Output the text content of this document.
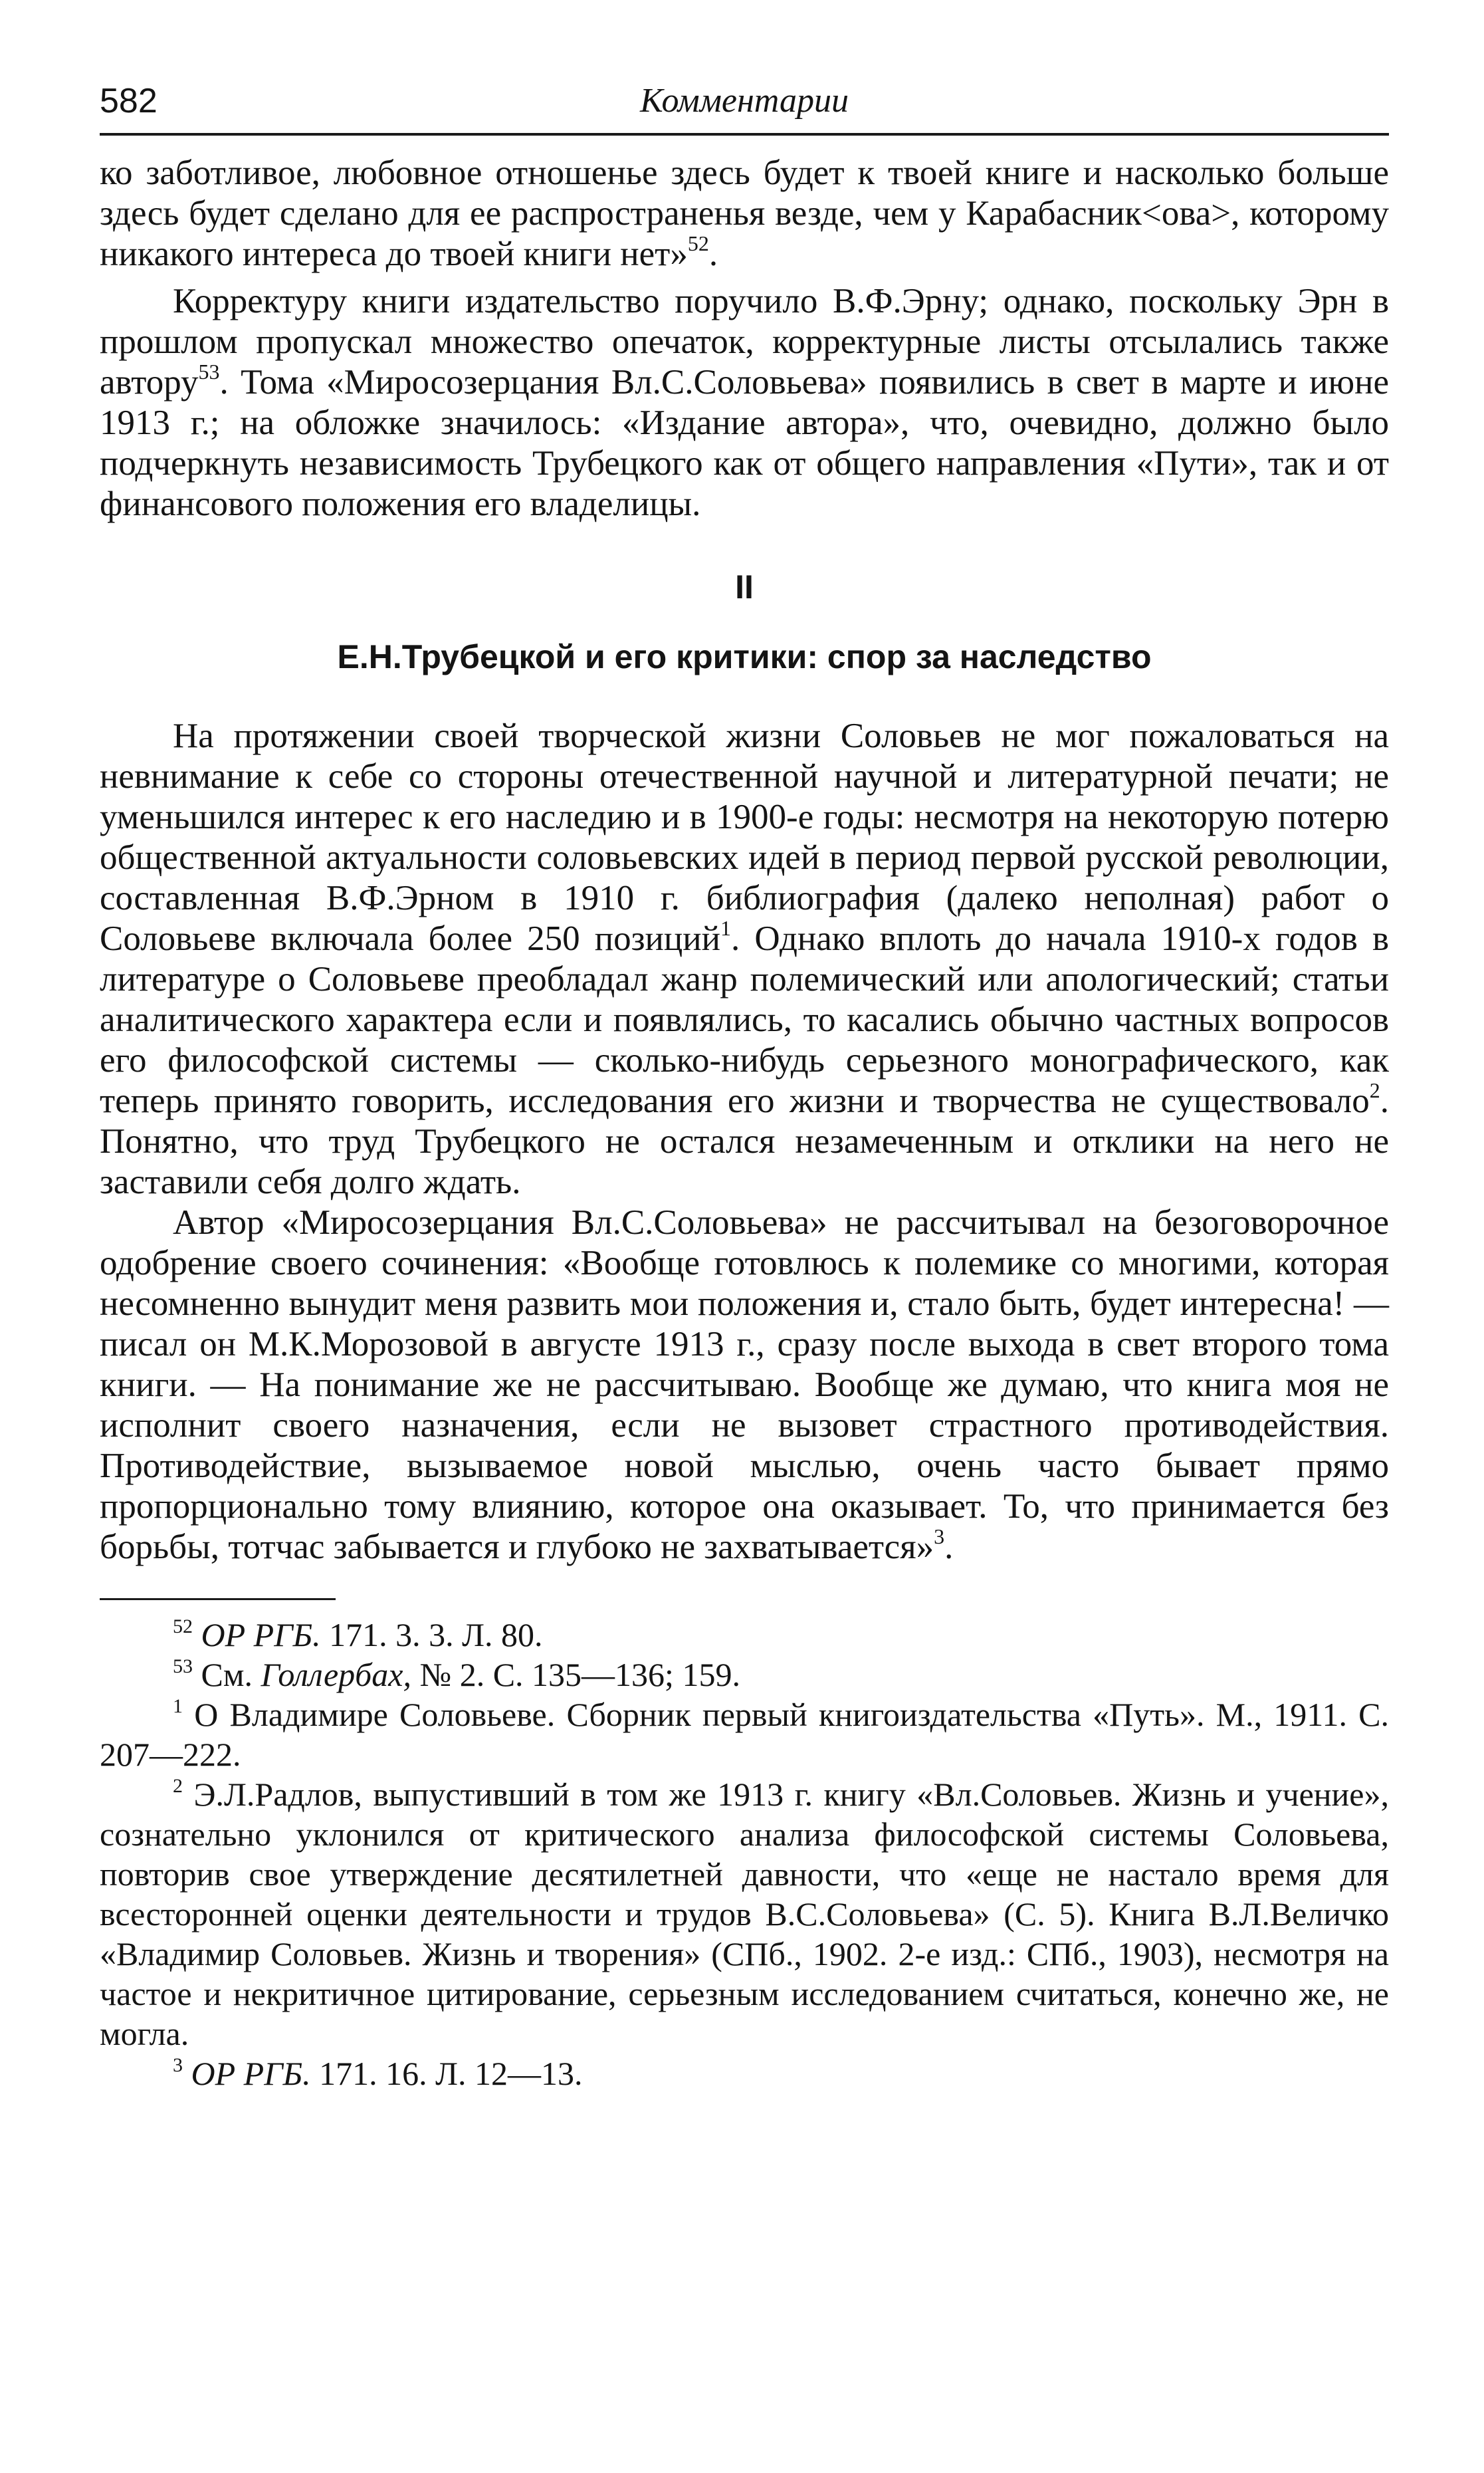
582	Комментарии

ко заботливое, любовное отношенье здесь будет к твоей книге и насколько больше здесь будет сделано для ее распространенья везде, чем у Карабасник<ова>, которому никакого интереса до твоей книги нет»$^{52}$.

Корректуру книги издательство поручило В.Ф.Эрну; однако, поскольку Эрн в прошлом пропускал множество опечаток, корректурные листы отсылались также автору$^{53}$. Тома «Миросозерцания Вл.С.Соловьева» появились в свет в марте и июне 1913 г.; на обложке значилось: «Издание автора», что, очевидно, должно было подчеркнуть независимость Трубецкого как от общего направления «Пути», так и от финансового положения его владелицы.

II
Е.Н.Трубецкой и его критики: спор за наследство

На протяжении своей творческой жизни Соловьев не мог пожаловаться на невнимание к себе со стороны отечественной научной и литературной печати; не уменьшился интерес к его наследию и в 1900-е годы: несмотря на некоторую потерю общественной актуальности соловьевских идей в период первой русской революции, составленная В.Ф.Эрном в 1910 г. библиография (далеко неполная) работ о Соловьеве включала более 250 позиций$^1$. Однако вплоть до начала 1910-х годов в литературе о Соловьеве преобладал жанр полемический или апологический; статьи аналитического характера если и появлялись, то касались обычно частных вопросов его философской системы — сколько-нибудь серьезного монографического, как теперь принято говорить, исследования его жизни и творчества не существовало$^2$. Понятно, что труд Трубецкого не остался незамеченным и отклики на него не заставили себя долго ждать.

Автор «Миросозерцания Вл.С.Соловьева» не рассчитывал на безоговорочное одобрение своего сочинения: «Вообще готовлюсь к полемике со многими, которая несомненно вынудит меня развить мои положения и, стало быть, будет интересна! — писал он М.К.Морозовой в августе 1913 г., сразу после выхода в свет второго тома книги. — На понимание же не рассчитываю. Вообще же думаю, что книга моя не исполнит своего назначения, если не вызовет страстного противодействия. Противодействие, вызываемое новой мыслью, очень часто бывает прямо пропорционально тому влиянию, которое она оказывает. То, что принимается без борьбы, тотчас забывается и глубоко не захватывается»$^3$.

$^{52}$ ОР РГБ. 171. 3. 3. Л. 80.

$^{53}$ См. Голлербах, № 2. С. 135—136; 159.

$^1$ О Владимире Соловьеве. Сборник первый книгоиздательства «Путь». М., 1911. С. 207—222.

$^2$ Э.Л.Радлов, выпустивший в том же 1913 г. книгу «Вл.Соловьев. Жизнь и учение», сознательно уклонился от критического анализа философской системы Соловьева, повторив свое утверждение десятилетней давности, что «еще не настало время для всесторонней оценки деятельности и трудов В.С.Соловьева» (С. 5). Книга В.Л.Величко «Владимир Соловьев. Жизнь и творения» (СПб., 1902. 2-е изд.: СПб., 1903), несмотря на частое и некритичное цитирование, серьезным исследованием считаться, конечно же, не могла.

$^3$ ОР РГБ. 171. 16. Л. 12—13.
